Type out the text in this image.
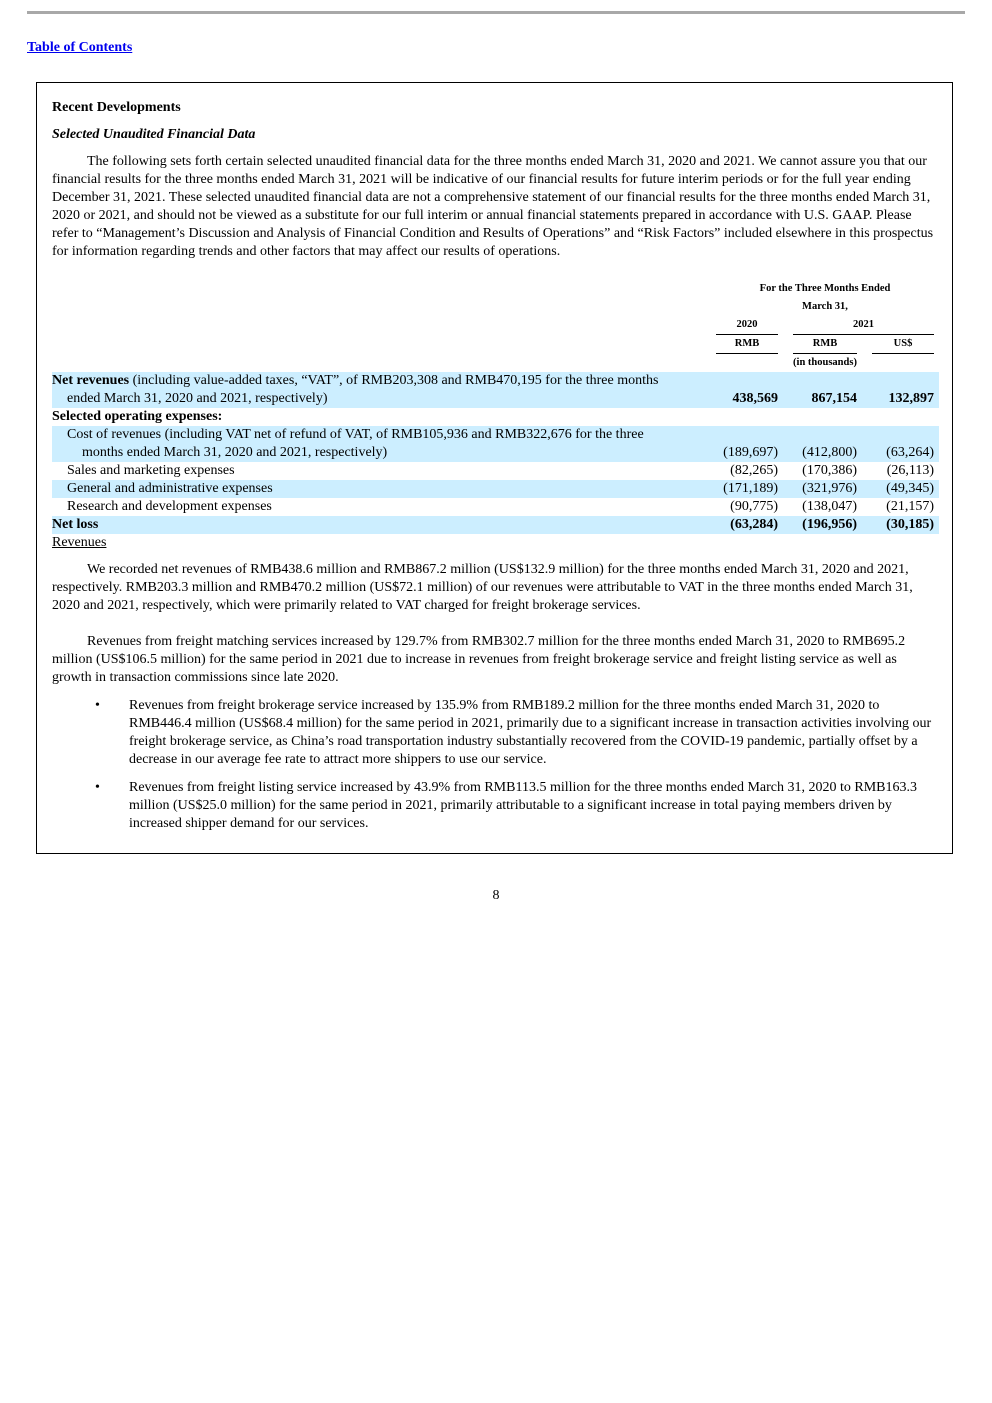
Table of Contents
Recent Developments
Selected Unaudited Financial Data
The following sets forth certain selected unaudited financial data for the three months ended March 31, 2020 and 2021. We cannot assure you that our financial results for the three months ended March 31, 2021 will be indicative of our financial results for future interim periods or for the full year ending December 31, 2021. These selected unaudited financial data are not a comprehensive statement of our financial results for the three months ended March 31, 2020 or 2021, and should not be viewed as a substitute for our full interim or annual financial statements prepared in accordance with U.S. GAAP. Please refer to “Management’s Discussion and Analysis of Financial Condition and Results of Operations” and “Risk Factors” included elsewhere in this prospectus for information regarding trends and other factors that may affect our results of operations.
	For the Three Months Ended
March 31,					
	2020		2021			
	RMB		RMB		US$	
	(in thousands)					
Net revenues (including value-added taxes, “VAT”, of RMB203,308 and RMB470,195 for the three months
ended March 31, 2020 and 2021, respectively)	438,569		867,154		132,897	
Selected operating expenses:						
Cost of revenues (including VAT net of refund of VAT, of RMB105,936 and RMB322,676 for the three
months ended March 31, 2020 and 2021, respectively)	(189,697)		(412,800)		(63,264)	
Sales and marketing expenses	(82,265)		(170,386)		(26,113)	
General and administrative expenses	(171,189)		(321,976)		(49,345)	
Research and development expenses	(90,775)		(138,047)		(21,157)	
Net loss	(63,284)		(196,956)		(30,185)	
Revenues
We recorded net revenues of RMB438.6 million and RMB867.2 million (US$132.9 million) for the three months ended March 31, 2020 and 2021, respectively. RMB203.3 million and RMB470.2 million (US$72.1 million) of our revenues were attributable to VAT in the three months ended March 31, 2020 and 2021, respectively, which were primarily related to VAT charged for freight brokerage services.
Revenues from freight matching services increased by 129.7% from RMB302.7 million for the three months ended March 31, 2020 to RMB695.2 million (US$106.5 million) for the same period in 2021 due to increase in revenues from freight brokerage service and freight listing service as well as growth in transaction commissions since late 2020.
• Revenues from freight brokerage service increased by 135.9% from RMB189.2 million for the three months ended March 31, 2020 to RMB446.4 million (US$68.4 million) for the same period in 2021, primarily due to a significant increase in transaction activities involving our freight brokerage service, as China’s road transportation industry substantially recovered from the COVID-19 pandemic, partially offset by a decrease in our average fee rate to attract more shippers to use our service.
• Revenues from freight listing service increased by 43.9% from RMB113.5 million for the three months ended March 31, 2020 to RMB163.3 million (US$25.0 million) for the same period in 2021, primarily attributable to a significant increase in total paying members driven by increased shipper demand for our services.
8
